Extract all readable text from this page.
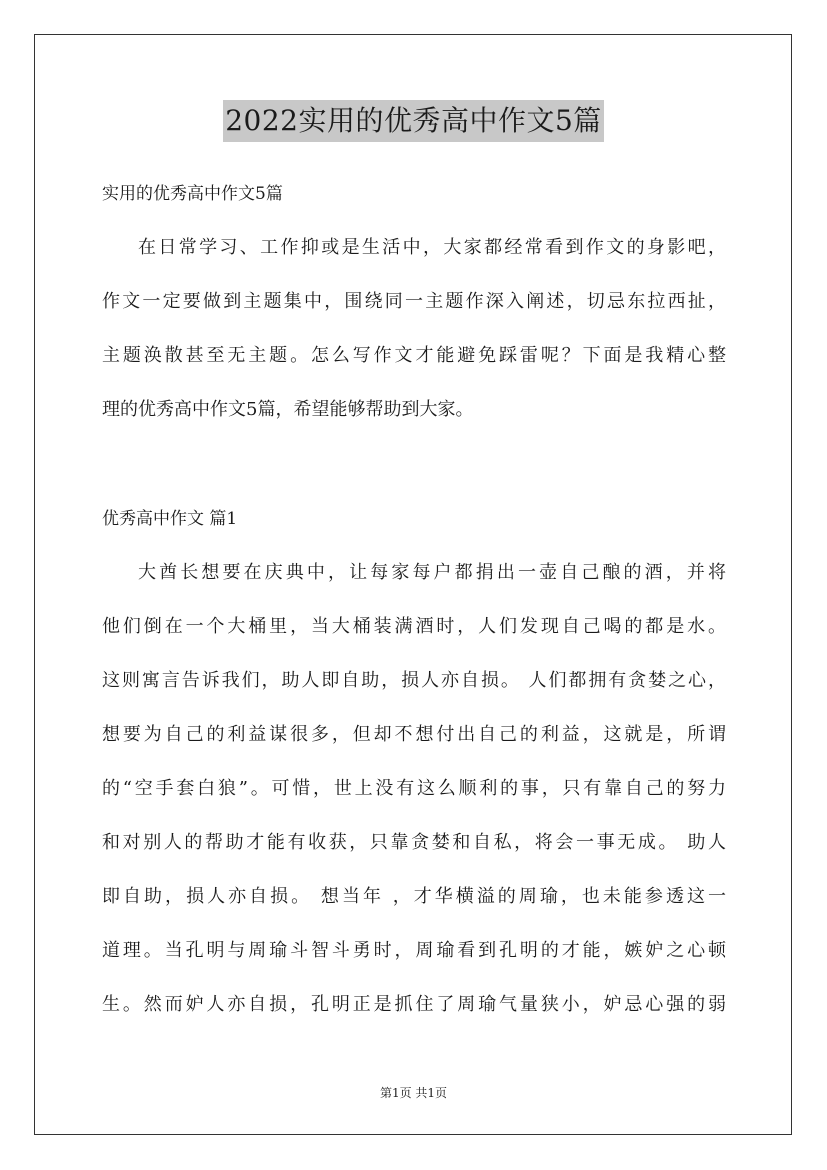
2022实用的优秀高中作文5篇
实用的优秀高中作文5篇
在日常学习、工作抑或是生活中，大家都经常看到作文的身影吧，
作文一定要做到主题集中，围绕同一主题作深入阐述，切忌东拉西扯，
主题涣散甚至无主题。怎么写作文才能避免踩雷呢？下面是我精心整
理的优秀高中作文5篇，希望能够帮助到大家。
优秀高中作文 篇1
大酋长想要在庆典中，让每家每户都捐出一壶自己酿的酒，并将
他们倒在一个大桶里，当大桶装满酒时，人们发现自己喝的都是水。
这则寓言告诉我们，助人即自助，损人亦自损。 人们都拥有贪婪之心，
想要为自己的利益谋很多，但却不想付出自己的利益，这就是，所谓
的“空手套白狼”。可惜，世上没有这么顺利的事，只有靠自己的努力
和对别人的帮助才能有收获，只靠贪婪和自私，将会一事无成。 助人
即自助，损人亦自损。 想当年 ，才华横溢的周瑜，也未能参透这一
道理。当孔明与周瑜斗智斗勇时，周瑜看到孔明的才能，嫉妒之心顿
生。然而妒人亦自损，孔明正是抓住了周瑜气量狭小，妒忌心强的弱
第1页 共1页
